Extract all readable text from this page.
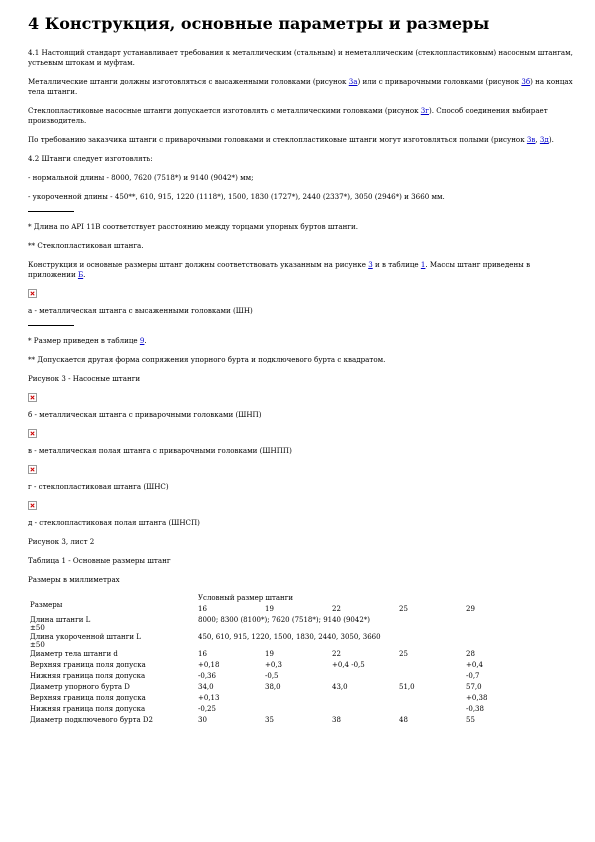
4 Конструкция, основные параметры и размеры

4.1 Настоящий стандарт устанавливает требования к металлическим (стальным) и неметаллическим (стеклопластиковым) насосным штангам, устьевым штокам и муфтам.

Металлические штанги должны изготовляться с высаженными головками (рисунок 3а) или с приварочными головками (рисунок 3б) на концах тела штанги.

Стеклопластиковые насосные штанги допускается изготовлять с металлическими головками (рисунок 3г). Способ соединения выбирает производитель.

По требованию заказчика штанги с приварочными головками и стеклопластиковые штанги могут изготовляться полыми (рисунок 3в, 3д).

4.2 Штанги следует изготовлять:

- нормальной длины - 8000, 7620 (7518*) и 9140 (9042*) мм;

- укороченной длины - 450**, 610, 915, 1220 (1118*), 1500, 1830 (1727*), 2440 (2337*), 3050 (2946*) и 3660 мм.

* Длина по API 11В соответствует расстоянию между торцами упорных буртов штанги.

** Стеклопластиковая штанга.

Конструкция и основные размеры штанг должны соответствовать указанным на рисунке 3 и в таблице 1. Массы штанг приведены в приложении Б.

а - металлическая штанга с высаженными головками (ШН)

* Размер приведен в таблице 9.

** Допускается другая форма сопряжения упорного бурта и подключевого бурта с квадратом.

Рисунок 3 - Насосные штанги

б - металлическая штанга с приварочными головками (ШНП)

в - металлическая полая штанга с приварочными головками (ШНПП)

г - стеклопластиковая штанга (ШНС)

д - стеклопластиковая полая штанга (ШНСП)

Рисунок 3, лист 2

Таблица 1 - Основные размеры штанг

Размеры в миллиметрах

Размеры	Условный размер штанги				
	16	19	22	25	29

Длина штанги L
±50	8000; 8300 (8100*); 7620 (7518*); 9140 (9042*)				

Длина укороченной штанги L
±50	450, 610, 915, 1220, 1500, 1830, 2440, 3050, 3660				
Диаметр тела штанги d	16	19	22	25	28
Верхняя граница поля допуска	+0,18	+0,3	+0,4 -0,5		+0,4
Нижняя граница поля допуска	-0,36	-0,5			-0,7
Диаметр упорного бурта D	34,0	38,0	43,0	51,0	57,0
Верхняя граница поля допуска	+0,13				+0,38
Нижняя граница поля допуска	-0,25				-0,38
Диаметр подключевого бурта D2	30	35	38	48	55
